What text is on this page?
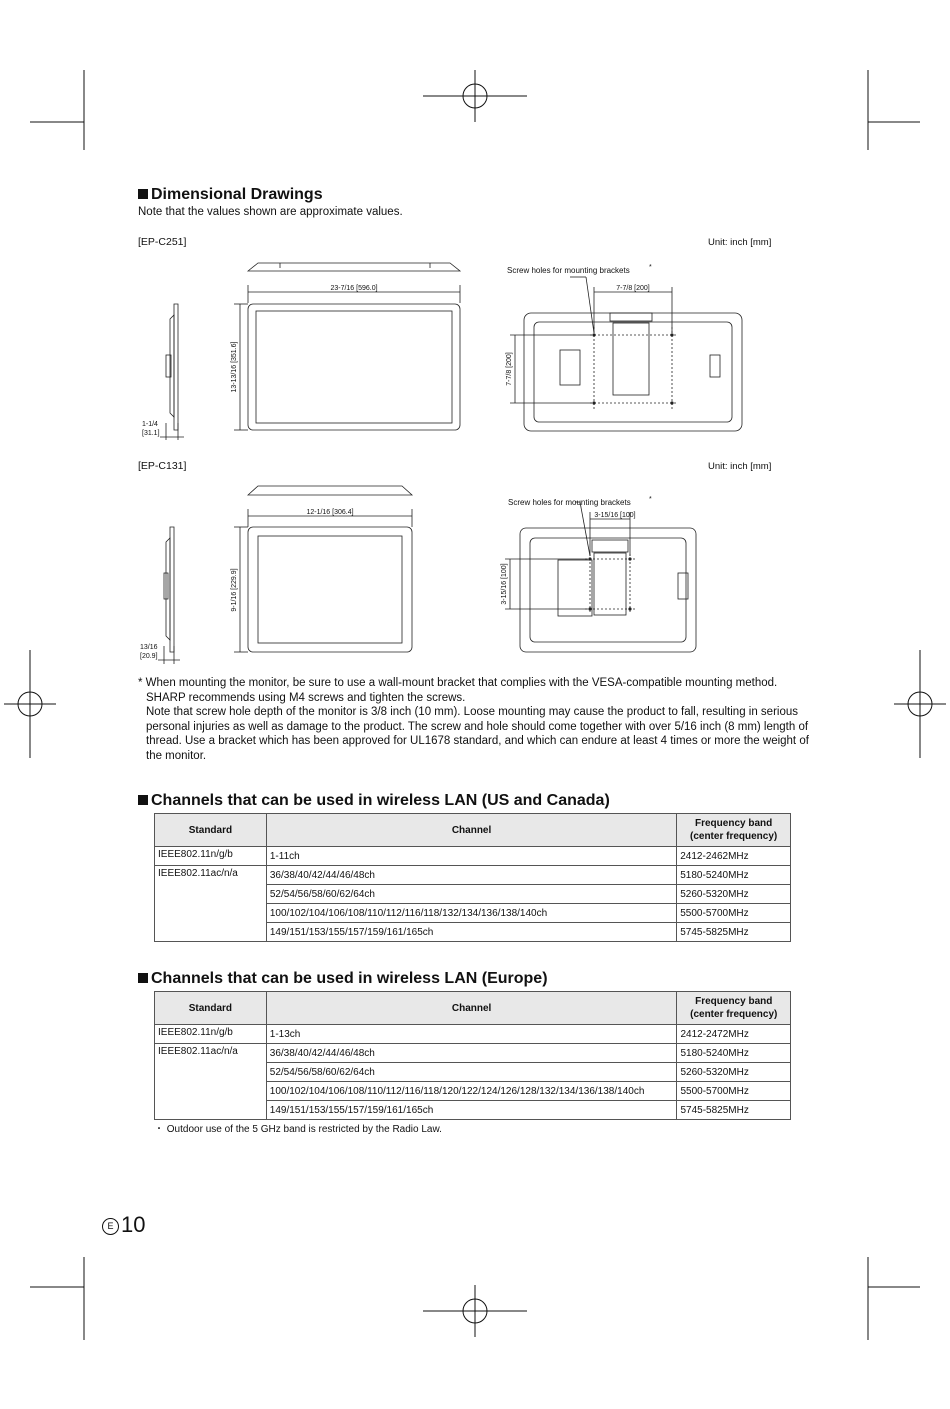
Dimensional Drawings
Note that the values shown are approximate values.
[EP-C251]	Unit: inch [mm]
23-7/16 [596.0]
13-13/16 [351.6]
1-1/4
[31.1]
7-7/8 [200]
7-7/8 [200]
Screw holes for mounting brackets	*
[EP-C131]	Unit: inch [mm]
12-1/16 [306.4]
9-1/16 [229.9]
13/16
[20.9]
3-15/16 [100]
3-15/16 [100]
Screw holes for mounting brackets	*
* When mounting the monitor, be sure to use a wall-mount bracket that complies with the VESA-compatible mounting method.
SHARP recommends using M4 screws and tighten the screws.
Note that screw hole depth of the monitor is 3/8 inch (10 mm). Loose mounting may cause the product to fall, resulting in serious personal injuries as well as damage to the product. The screw and hole should come together with over 5/16 inch (8 mm) length of thread. Use a bracket which has been approved for UL1678 standard, and which can endure at least 4 times or more the weight of the monitor.
Channels that can be used in wireless LAN (US and Canada)
Standard	Channel	Frequency band
(center frequency)
IEEE802.11n/g/b	1-11ch	2412-2462MHz
IEEE802.11ac/n/a	36/38/40/42/44/46/48ch	5180-5240MHz
	52/54/56/58/60/62/64ch	5260-5320MHz
	100/102/104/106/108/110/112/116/118/132/134/136/138/140ch	5500-5700MHz
	149/151/153/155/157/159/161/165ch	5745-5825MHz
Channels that can be used in wireless LAN (Europe)
Standard	Channel	Frequency band
(center frequency)
IEEE802.11n/g/b	1-13ch	2412-2472MHz
IEEE802.11ac/n/a	36/38/40/42/44/46/48ch	5180-5240MHz
	52/54/56/58/60/62/64ch	5260-5320MHz
	100/102/104/106/108/110/112/116/118/120/122/124/126/128/132/134/136/138/140ch	5500-5700MHz
	149/151/153/155/157/159/161/165ch	5745-5825MHz
・ Outdoor use of the 5 GHz band is restricted by the Radio Law.
E 10
